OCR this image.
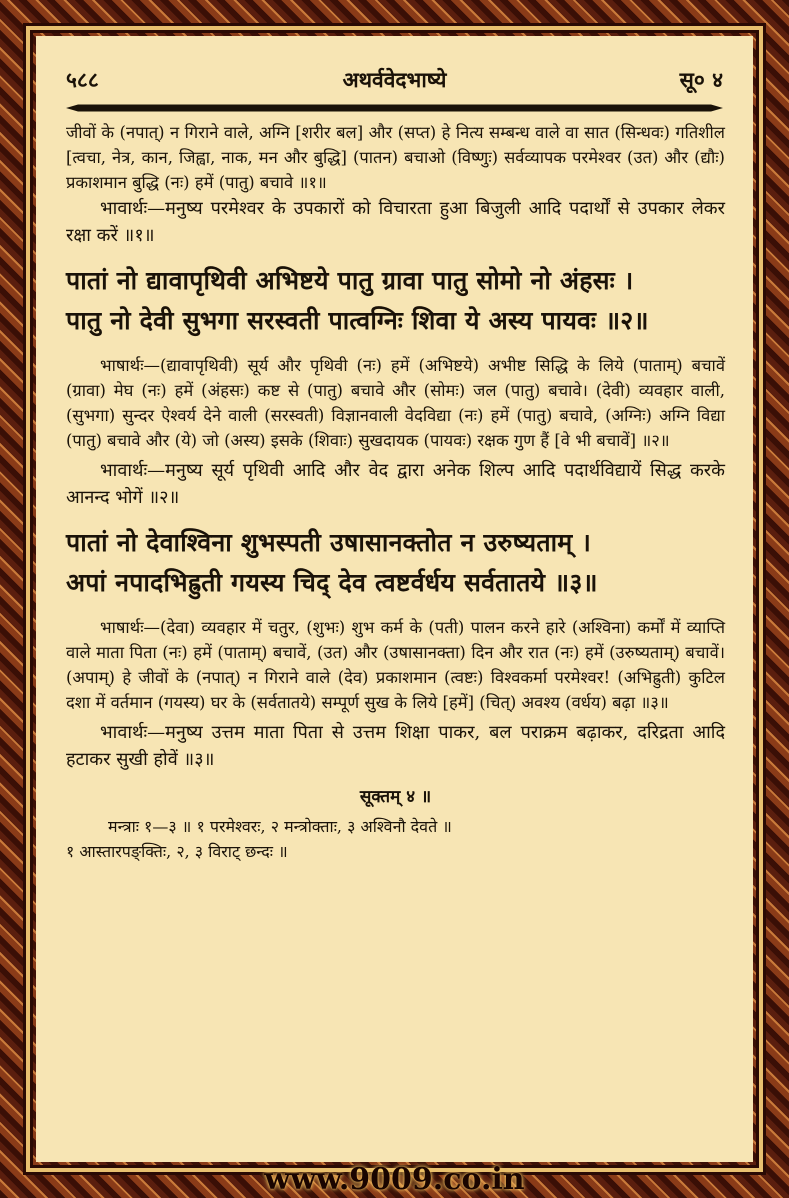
५८८	अथर्ववेदभाष्ये	सू० ४

जीवों के (नपात्) न गिराने वाले, अग्नि [शरीर बल] और (सप्त) हे नित्य सम्बन्ध वाले वा सात (सिन्धवः) गतिशील [त्वचा, नेत्र, कान, जिह्वा, नाक, मन और बुद्धि] (पातन) बचाओ (विष्णुः) सर्वव्यापक परमेश्वर (उत) और (द्यौः) प्रकाशमान बुद्धि (नः) हमें (पातु) बचावे ॥१॥

भावार्थः—मनुष्य परमेश्वर के उपकारों को विचारता हुआ बिजुली आदि पदार्थों से उपकार लेकर रक्षा करें ॥१॥

पातां नो द्यावापृथिवी अभिष्टये पातु ग्रावा पातु सोमो नो अंहसः ।

पातु नो देवी सुभगा सरस्वती पात्वग्निः शिवा ये अस्य पायवः ॥२॥

भाषार्थः—(द्यावापृथिवी) सूर्य और पृथिवी (नः) हमें (अभिष्टये) अभीष्ट सिद्धि के लिये (पाताम्) बचावें (ग्रावा) मेघ (नः) हमें (अंहसः) कष्ट से (पातु) बचावे और (सोमः) जल (पातु) बचावे। (देवी) व्यवहार वाली, (सुभगा) सुन्दर ऐश्वर्य देने वाली (सरस्वती) विज्ञानवाली वेदविद्या (नः) हमें (पातु) बचावे, (अग्निः) अग्नि विद्या (पातु) बचावे और (ये) जो (अस्य) इसके (शिवाः) सुखदायक (पायवः) रक्षक गुण हैं [वे भी बचावें] ॥२॥

भावार्थः—मनुष्य सूर्य पृथिवी आदि और वेद द्वारा अनेक शिल्प आदि पदार्थविद्यायें सिद्ध करके आनन्द भोगें ॥२॥

पातां नो देवाश्विना शुभस्पती उषासानक्तोत न उरुष्यताम् ।

अपां नपादभिह्रुती गयस्य चिद् देव त्वष्टर्वर्धय सर्वतातये ॥३॥

भाषार्थः—(देवा) व्यवहार में चतुर, (शुभः) शुभ कर्म के (पती) पालन करने हारे (अश्विना) कर्मों में व्याप्ति वाले माता पिता (नः) हमें (पाताम्) बचावें, (उत) और (उषासानक्ता) दिन और रात (नः) हमें (उरुष्यताम्) बचावें। (अपाम्) हे जीवों के (नपात्) न गिराने वाले (देव) प्रकाशमान (त्वष्टः) विश्वकर्मा परमेश्वर! (अभिह्रुती) कुटिल दशा में वर्तमान (गयस्य) घर के (सर्वतातये) सम्पूर्ण सुख के लिये [हमें] (चित्) अवश्य (वर्धय) बढ़ा ॥३॥

भावार्थः—मनुष्य उत्तम माता पिता से उत्तम शिक्षा पाकर, बल पराक्रम बढ़ाकर, दरिद्रता आदि हटाकर सुखी होवें ॥३॥

सूक्तम् ४ ॥

मन्त्राः १—३ ॥ १ परमेश्वरः, २ मन्त्रोक्ताः, ३ अश्विनौ देवते ॥

१ आस्तारपङ्क्तिः, २, ३ विराट् छन्दः ॥

www.9009.co.in
